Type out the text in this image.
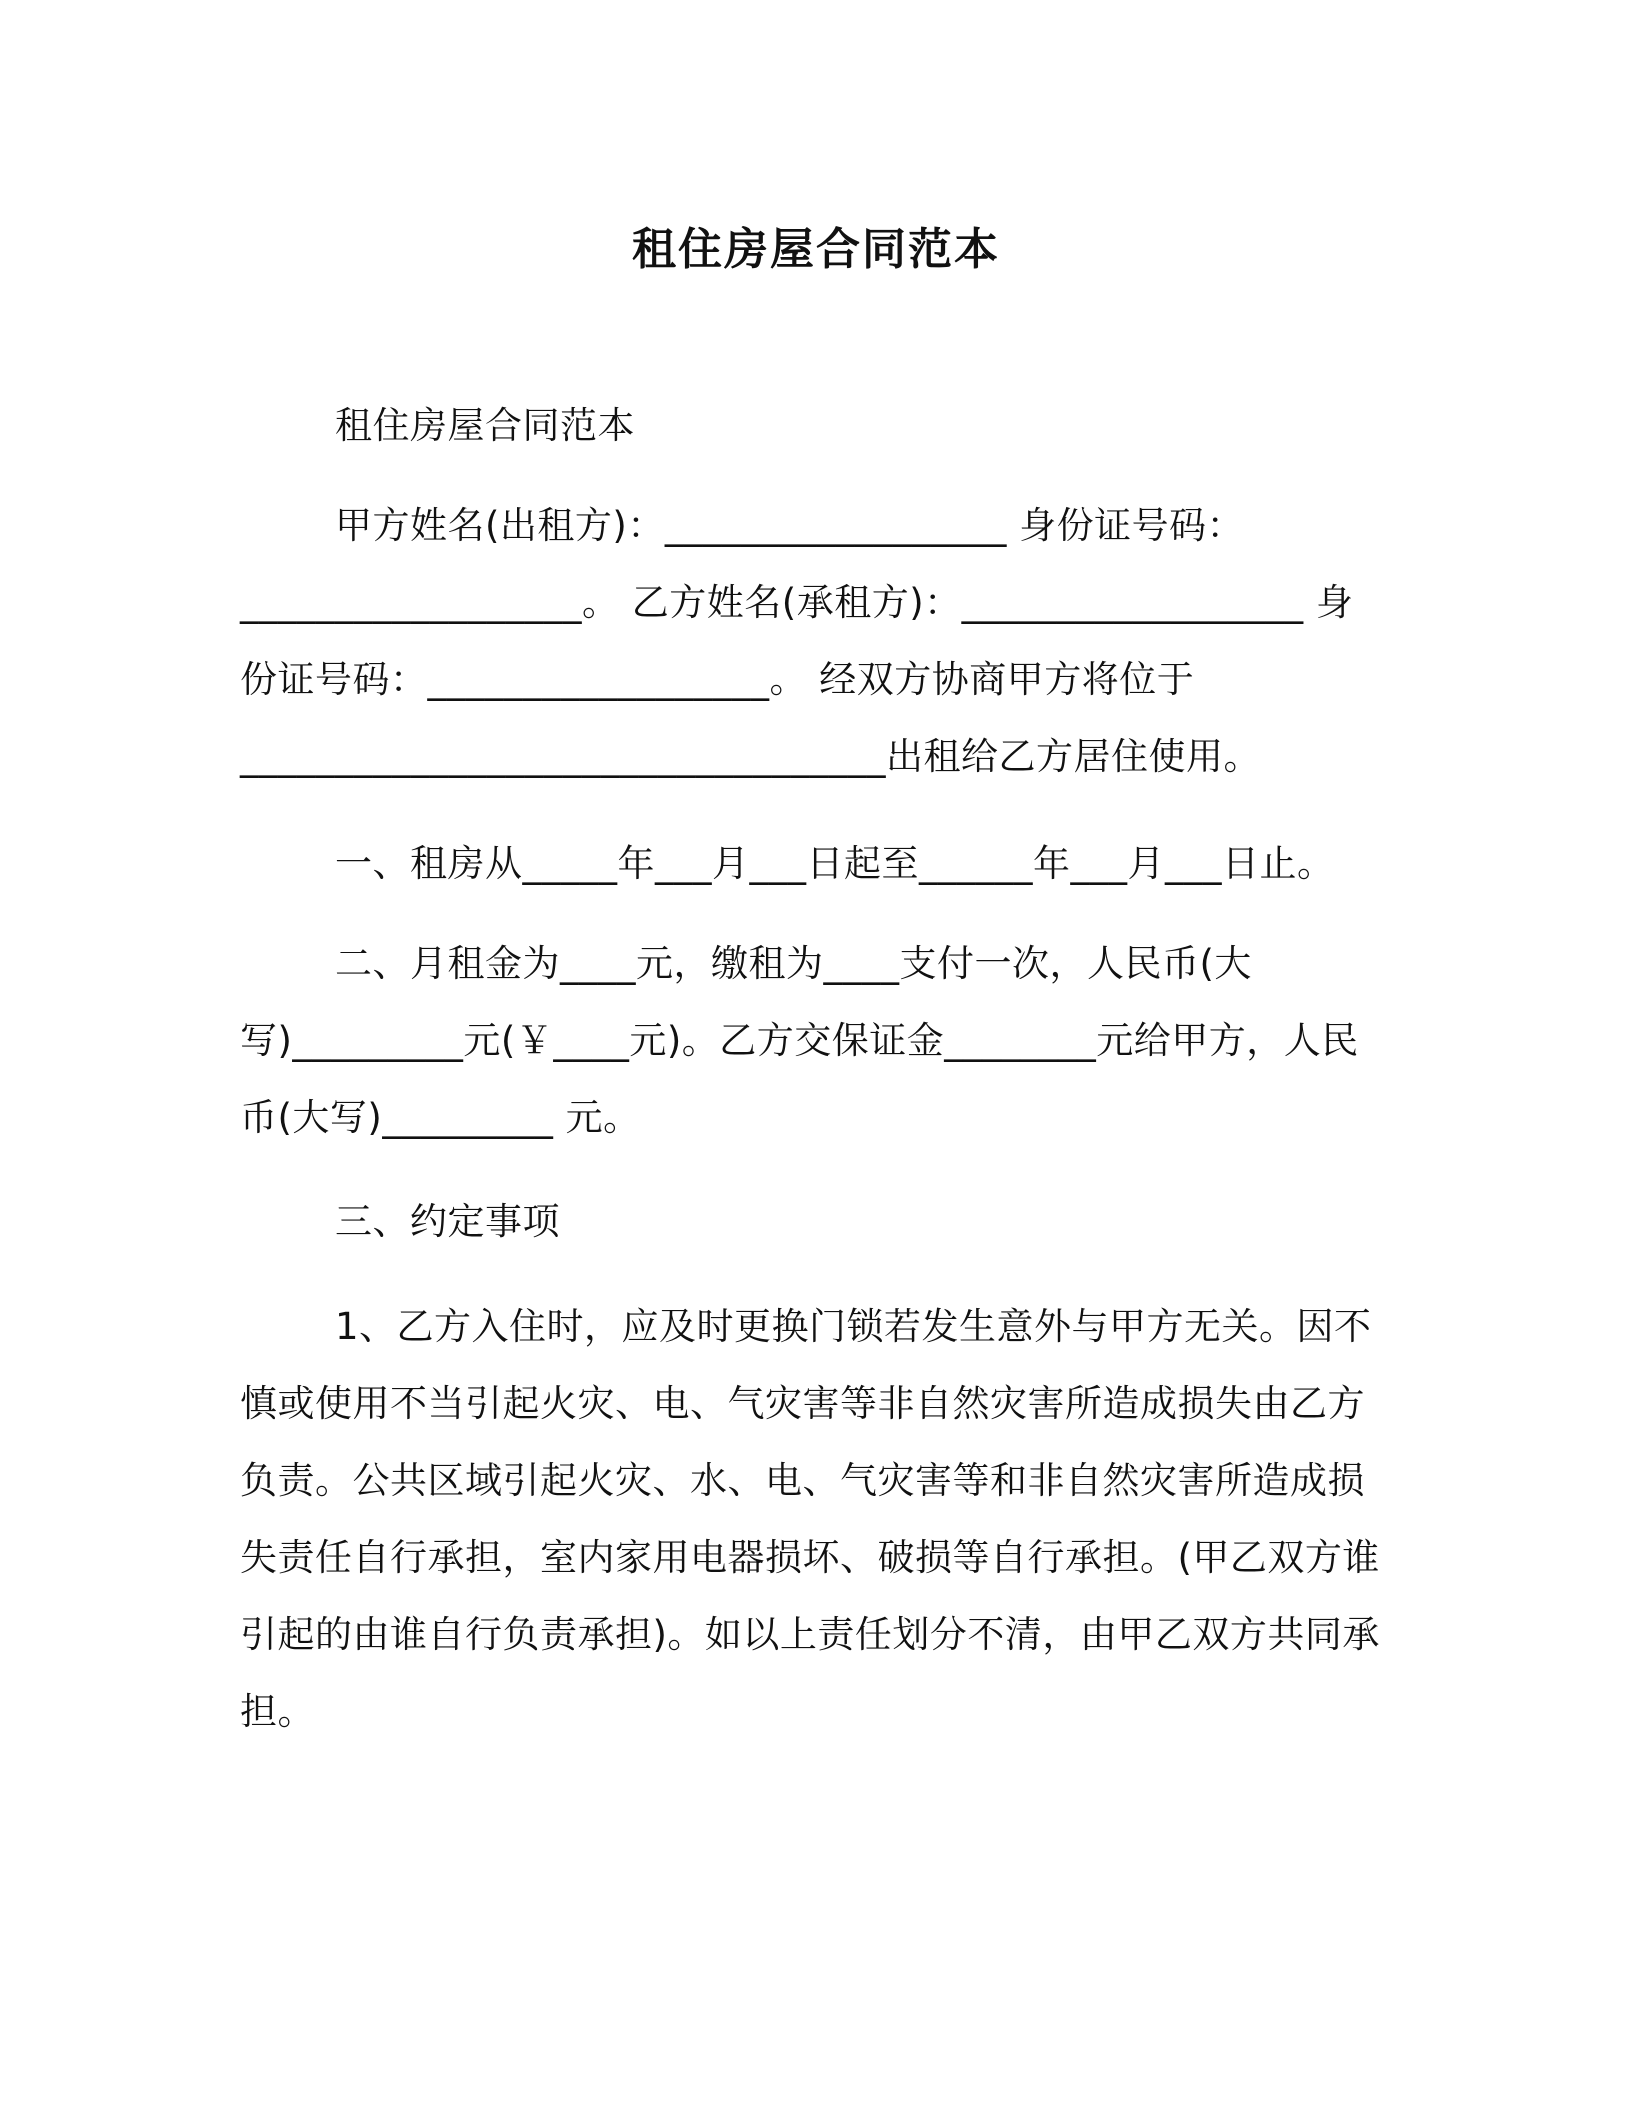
租住房屋合同范本

租住房屋合同范本

甲方姓名(出租方)：__________________ 身份证号码：__________________。 乙方姓名(承租方)：__________________ 身份证号码：__________________。 经双方协商甲方将位于__________________________________出租给乙方居住使用。

一、租房从_____年___月___日起至______年___月___日止。

二、月租金为____元，缴租为____支付一次，人民币(大写)_________元(￥____元)。乙方交保证金________元给甲方，人民币(大写)_________ 元。

三、约定事项

1、乙方入住时，应及时更换门锁若发生意外与甲方无关。因不慎或使用不当引起火灾、电、气灾害等非自然灾害所造成损失由乙方负责。公共区域引起火灾、水、电、气灾害等和非自然灾害所造成损失责任自行承担，室内家用电器损坏、破损等自行承担。(甲乙双方谁引起的由谁自行负责承担)。如以上责任划分不清，由甲乙双方共同承担。
